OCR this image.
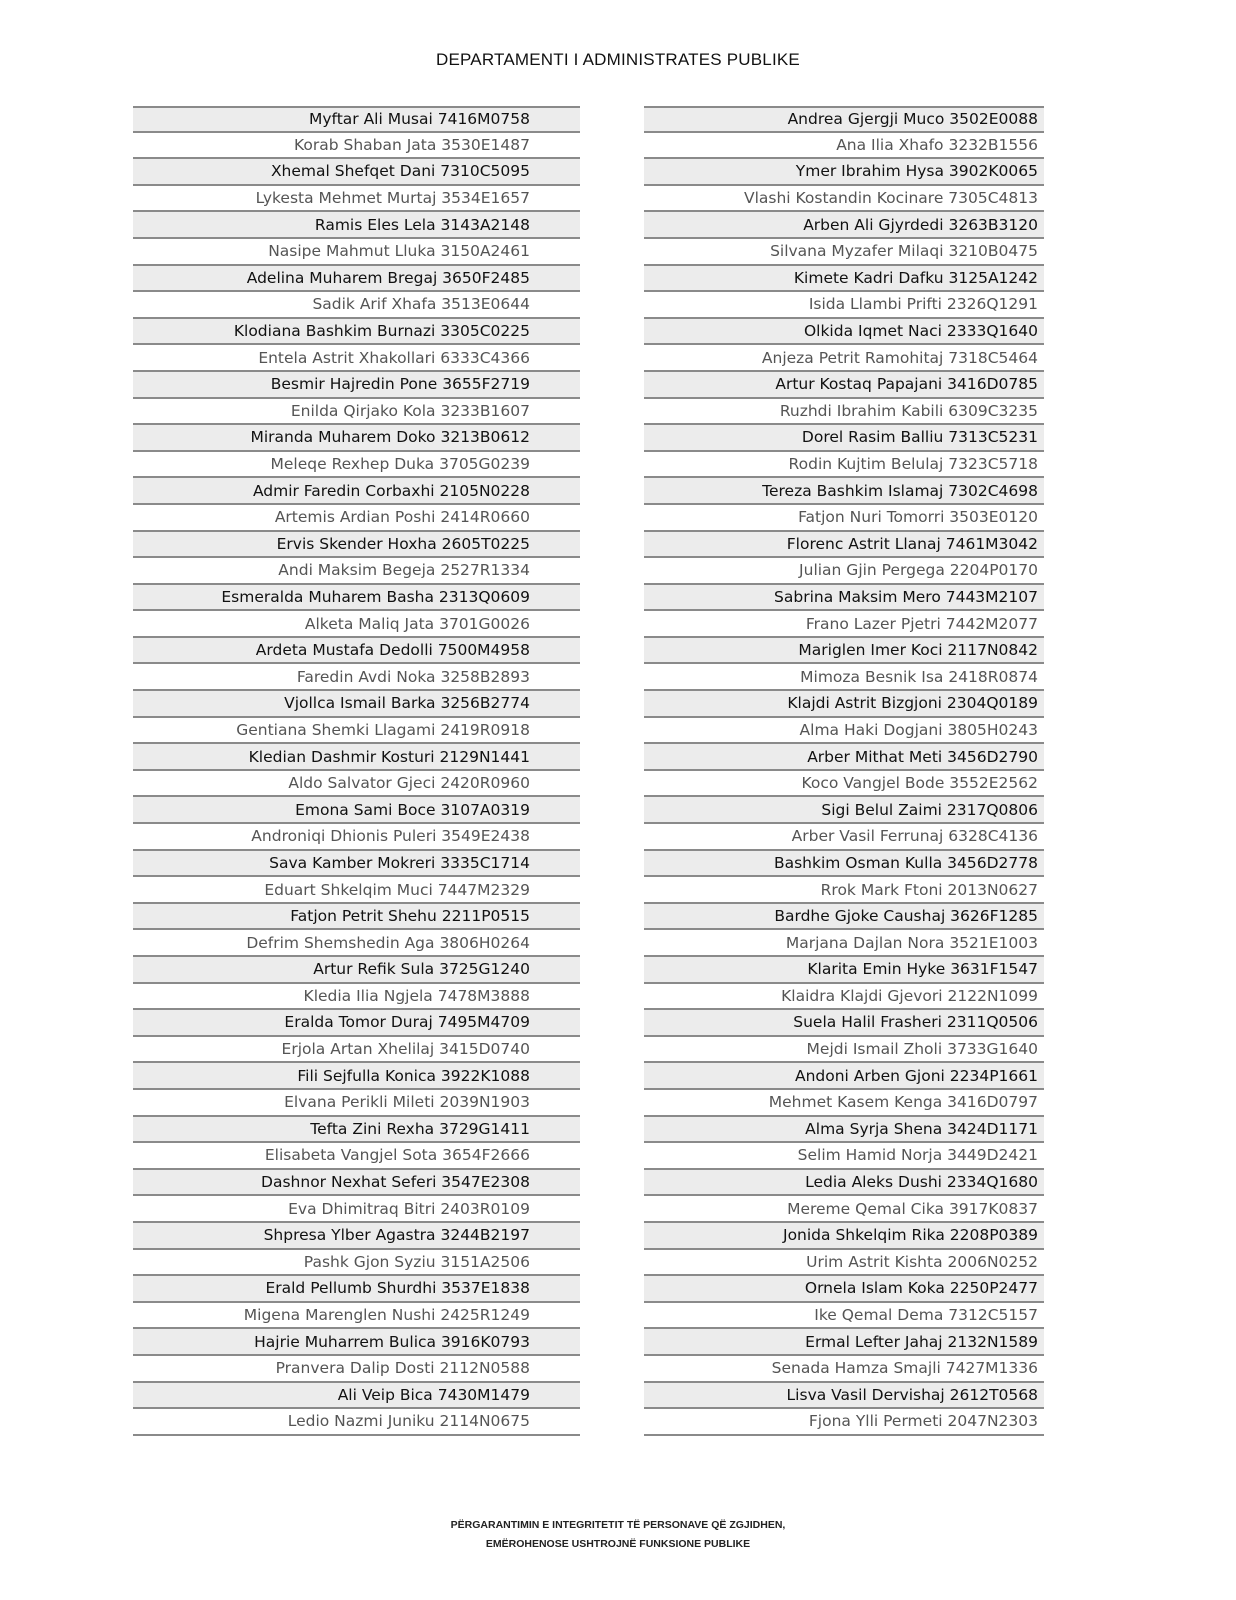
DEPARTAMENTI I ADMINISTRATES PUBLIKE
Myftar Ali Musai 7416M0758
Korab Shaban Jata 3530E1487
Xhemal Shefqet Dani 7310C5095
Lykesta Mehmet Murtaj 3534E1657
Ramis Eles Lela 3143A2148
Nasipe Mahmut Lluka 3150A2461
Adelina Muharem Bregaj 3650F2485
Sadik Arif Xhafa 3513E0644
Klodiana Bashkim Burnazi 3305C0225
Entela Astrit Xhakollari 6333C4366
Besmir Hajredin Pone 3655F2719
Enilda Qirjako Kola 3233B1607
Miranda Muharem Doko 3213B0612
Meleqe Rexhep Duka 3705G0239
Admir Faredin Corbaxhi 2105N0228
Artemis Ardian Poshi 2414R0660
Ervis Skender Hoxha 2605T0225
Andi Maksim Begeja 2527R1334
Esmeralda Muharem Basha 2313Q0609
Alketa Maliq Jata 3701G0026
Ardeta Mustafa Dedolli 7500M4958
Faredin Avdi Noka 3258B2893
Vjollca Ismail Barka 3256B2774
Gentiana Shemki Llagami 2419R0918
Kledian Dashmir Kosturi 2129N1441
Aldo Salvator Gjeci 2420R0960
Emona Sami Boce 3107A0319
Androniqi Dhionis Puleri 3549E2438
Sava Kamber Mokreri 3335C1714
Eduart Shkelqim Muci 7447M2329
Fatjon Petrit Shehu 2211P0515
Defrim Shemshedin Aga 3806H0264
Artur Refik Sula 3725G1240
Kledia Ilia Ngjela 7478M3888
Eralda Tomor Duraj 7495M4709
Erjola Artan Xhelilaj 3415D0740
Fili Sejfulla Konica 3922K1088
Elvana Perikli Mileti 2039N1903
Tefta Zini Rexha 3729G1411
Elisabeta Vangjel Sota 3654F2666
Dashnor Nexhat Seferi 3547E2308
Eva Dhimitraq Bitri 2403R0109
Shpresa Ylber Agastra 3244B2197
Pashk Gjon Syziu 3151A2506
Erald Pellumb Shurdhi 3537E1838
Migena Marenglen Nushi 2425R1249
Hajrie Muharrem Bulica 3916K0793
Pranvera Dalip Dosti 2112N0588
Ali Veip Bica 7430M1479
Ledio Nazmi Juniku 2114N0675
Andrea Gjergji Muco 3502E0088
Ana Ilia Xhafo 3232B1556
Ymer Ibrahim Hysa 3902K0065
Vlashi Kostandin Kocinare 7305C4813
Arben Ali Gjyrdedi 3263B3120
Silvana Myzafer Milaqi 3210B0475
Kimete Kadri Dafku 3125A1242
Isida Llambi Prifti 2326Q1291
Olkida Iqmet Naci 2333Q1640
Anjeza Petrit Ramohitaj 7318C5464
Artur Kostaq Papajani 3416D0785
Ruzhdi Ibrahim Kabili 6309C3235
Dorel Rasim Balliu 7313C5231
Rodin Kujtim Belulaj 7323C5718
Tereza Bashkim Islamaj 7302C4698
Fatjon Nuri Tomorri 3503E0120
Florenc Astrit Llanaj 7461M3042
Julian Gjin Pergega 2204P0170
Sabrina Maksim Mero 7443M2107
Frano Lazer Pjetri 7442M2077
Mariglen Imer Koci 2117N0842
Mimoza Besnik Isa 2418R0874
Klajdi Astrit Bizgjoni 2304Q0189
Alma Haki Dogjani 3805H0243
Arber Mithat Meti 3456D2790
Koco Vangjel Bode 3552E2562
Sigi Belul Zaimi 2317Q0806
Arber Vasil Ferrunaj 6328C4136
Bashkim Osman Kulla 3456D2778
Rrok Mark Ftoni 2013N0627
Bardhe Gjoke Caushaj 3626F1285
Marjana Dajlan Nora 3521E1003
Klarita Emin Hyke 3631F1547
Klaidra Klajdi Gjevori 2122N1099
Suela Halil Frasheri 2311Q0506
Mejdi Ismail Zholi 3733G1640
Andoni Arben Gjoni 2234P1661
Mehmet Kasem Kenga 3416D0797
Alma Syrja Shena 3424D1171
Selim Hamid Norja 3449D2421
Ledia Aleks Dushi 2334Q1680
Mereme Qemal Cika 3917K0837
Jonida Shkelqim Rika 2208P0389
Urim Astrit Kishta 2006N0252
Ornela Islam Koka 2250P2477
Ike Qemal Dema 7312C5157
Ermal Lefter Jahaj 2132N1589
Senada Hamza Smajli 7427M1336
Lisva Vasil Dervishaj 2612T0568
Fjona Ylli Permeti 2047N2303
PËRGARANTIMIN E INTEGRITETIT TË PERSONAVE QË ZGJIDHEN,
EMËROHENOSE USHTROJNË FUNKSIONE PUBLIKE
